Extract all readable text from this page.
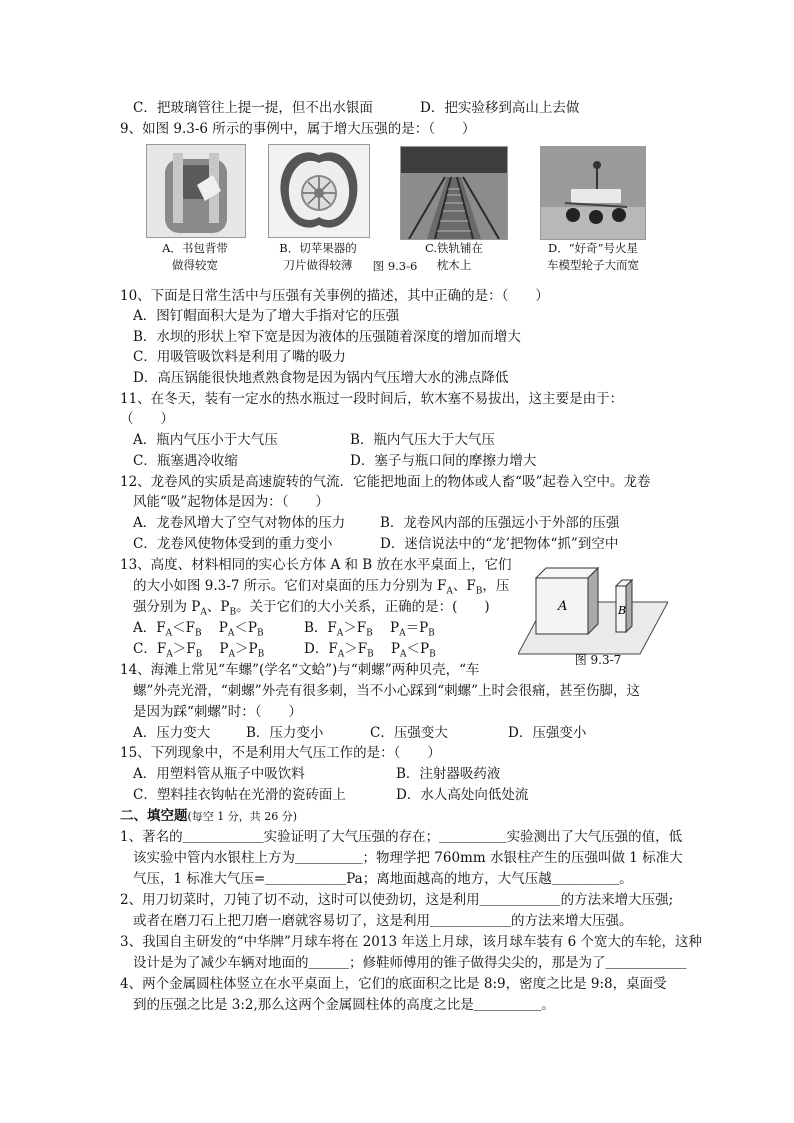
C．把玻璃管往上提一提，但不出水银面	D．把实验移到高山上去做
9、如图 9.3-6 所示的事例中，属于增大压强的是：（　　）
A．书包背带
做得较宽
B．切苹果器的
刀片做得较薄	图 9.3-6
C.铁轨铺在
枕木上
D．“好奇”号火星
车模型轮子大而宽
10、下面是日常生活中与压强有关事例的描述，其中正确的是：（　　）
A．图钉帽面积大是为了增大手指对它的压强
B．水坝的形状上窄下宽是因为液体的压强随着深度的增加而增大
C．用吸管吸饮料是利用了嘴的吸力
D．高压锅能很快地煮熟食物是因为锅内气压增大水的沸点降低
11、在冬天，装有一定水的热水瓶过一段时间后，软木塞不易拔出，这主要是由于：
（　　）
A．瓶内气压小于大气压	B．瓶内气压大于大气压
C．瓶塞遇冷收缩	D．塞子与瓶口间的摩擦力增大
12、龙卷风的实质是高速旋转的气流．它能把地面上的物体或人畜“吸”起卷入空中。龙卷
风能“吸”起物体是因为：（　　）
A．龙卷风增大了空气对物体的压力	B．龙卷风内部的压强远小于外部的压强
C．龙卷风使物体受到的重力变小	D．迷信说法中的“龙’把物体“抓”到空中
13、高度、材料相同的实心长方体 A 和 B 放在水平桌面上，它们
的大小如图 9.3-7 所示。它们对桌面的压力分别为 $F_A$、$F_B$，压
强分别为 $P_A$、$P_B$。关于它们的大小关系，正确的是：(　　)
A．$F_A<F_B$ $P_A<P_B$	B．$F_A>F_B$ $P_A=P_B$
C．$F_A>F_B$ $P_A>P_B$	D．$F_A>F_B$ $P_A<P_B$
A	B
图 9.3-7
14、海滩上常见“车螺”(学名“文蛤”)与“刺螺”两种贝壳，“车
螺”外壳光滑，“刺螺”外壳有很多刺，当不小心踩到“刺螺”上时会很痛，甚至伤脚，这
是因为踩“刺螺”时：（　　）
A．压力变大	B．压力变小	C．压强变大	D．压强变小
15、下列现象中，不是利用大气压工作的是：（　　）
A．用塑料管从瓶子中吸饮料	B．注射器吸药液
C．塑料挂衣钩帖在光滑的瓷砖面上	D．水人高处向低处流
二、填空题(每空 1 分，共 26 分)
1、著名的＿＿＿＿＿＿实验证明了大气压强的存在；＿＿＿＿＿实验测出了大气压强的值，低
该实验中管内水银柱上方为＿＿＿＿＿；物理学把 760mm 水银柱产生的压强叫做 1 标准大
气压，1 标准大气压=＿＿＿＿＿＿Pa；离地面越高的地方，大气压越＿＿＿＿＿。
2、用刀切菜时，刀钝了切不动，这时可以使劲切，这是利用＿＿＿＿＿＿的方法来增大压强;
或者在磨刀石上把刀磨一磨就容易切了，这是利用＿＿＿＿＿＿的方法来增大压强。
3、我国自主研发的“中华牌”月球车将在 2013 年送上月球，该月球车装有 6 个宽大的车轮，这种
设计是为了减少车辆对地面的＿＿＿；修鞋师傅用的锥子做得尖尖的，那是为了＿＿＿＿＿＿
4、两个金属圆柱体竖立在水平桌面上，它们的底面积之比是 8:9，密度之比是 9:8，桌面受
到的压强之比是 3:2,那么这两个金属圆柱体的高度之比是＿＿＿＿＿。
